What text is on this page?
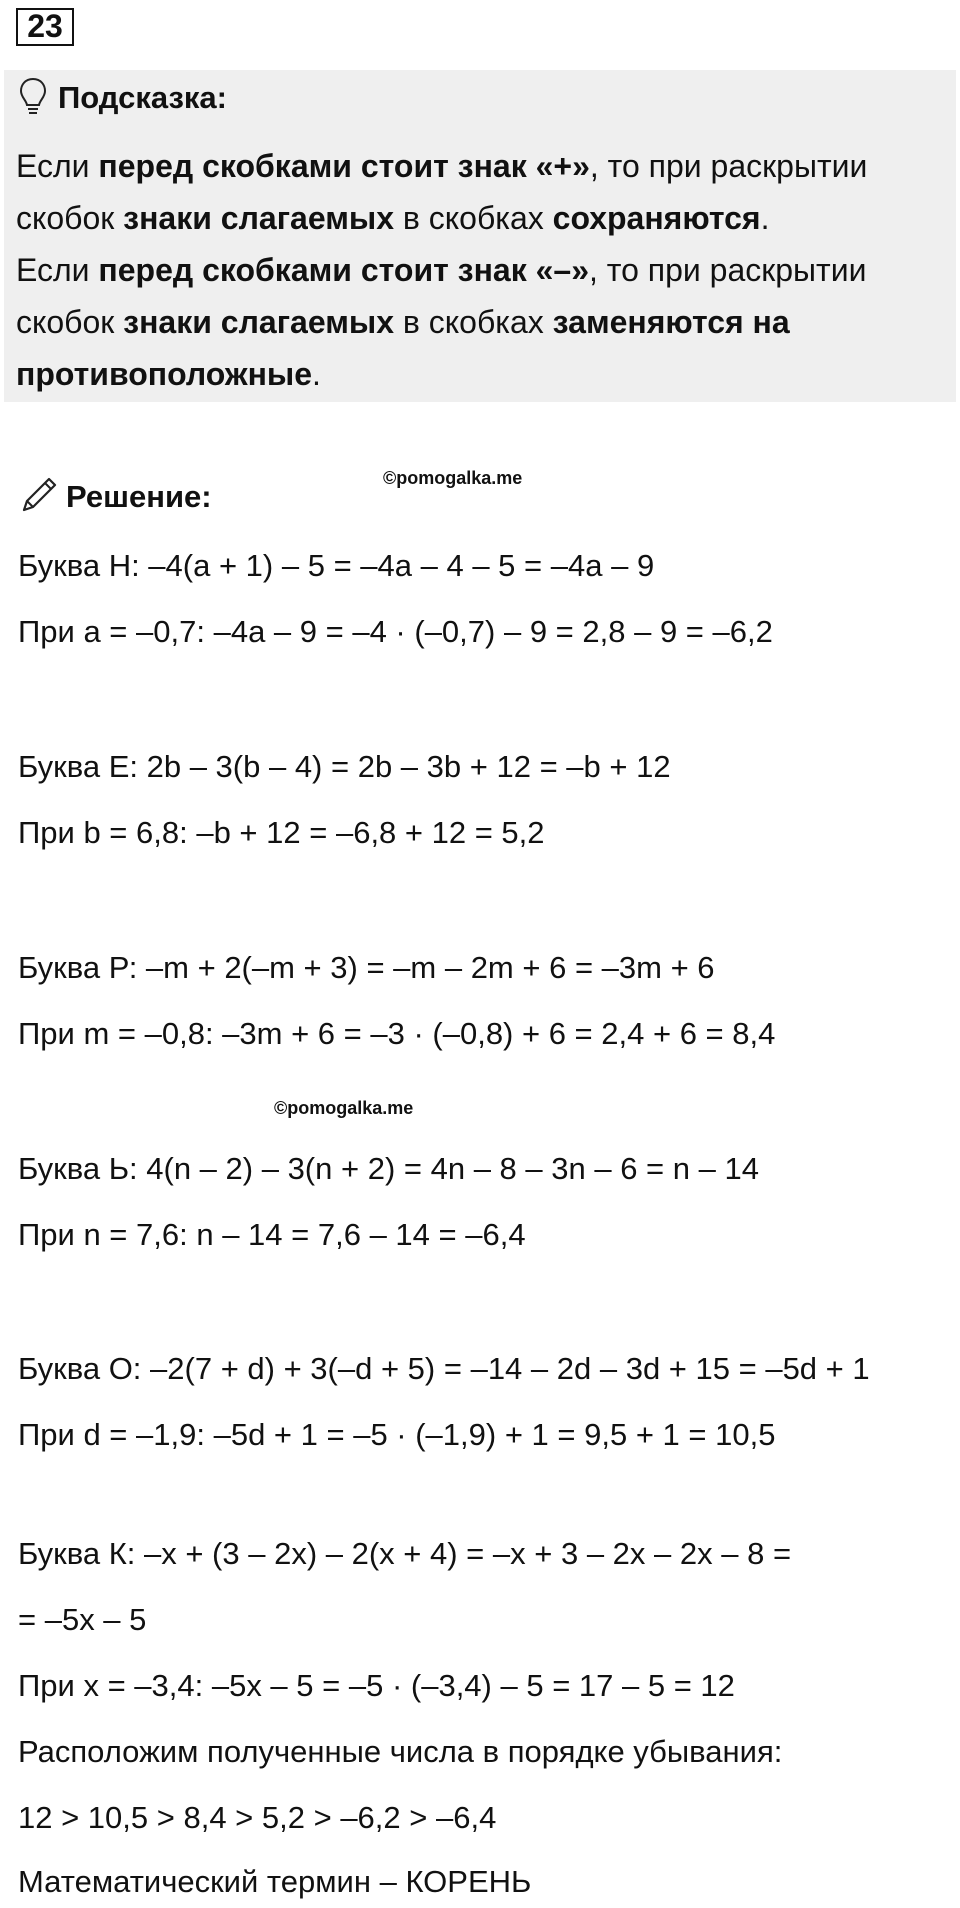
23
Подсказка:
Если перед скобками стоит знак «+», то при раскрытии
скобок знаки слагаемых в скобках сохраняются.
Если перед скобками стоит знак «–», то при раскрытии
скобок знаки слагаемых в скобках заменяются на
противоположные.
Решение:
©pomogalka.me
Буква Н: –4(a + 1) – 5 = –4a – 4 – 5 = –4a – 9
При a = –0,7: –4a – 9 = –4 · (–0,7) – 9 = 2,8 – 9 = –6,2
Буква Е: 2b – 3(b – 4) = 2b – 3b + 12 = –b + 12
При b = 6,8: –b + 12 = –6,8 + 12 = 5,2
Буква Р: –m + 2(–m + 3) = –m – 2m + 6 = –3m + 6
При m = –0,8: –3m + 6 = –3 · (–0,8) + 6 = 2,4 + 6 = 8,4
©pomogalka.me
Буква Ь: 4(n – 2) – 3(n + 2) = 4n – 8 – 3n – 6 = n – 14
При n = 7,6: n – 14 = 7,6 – 14 = –6,4
Буква О: –2(7 + d) + 3(–d + 5) = –14 – 2d – 3d + 15 = –5d + 1
При d = –1,9: –5d + 1 = –5 · (–1,9) + 1 = 9,5 + 1 = 10,5
Буква К: –x + (3 – 2x) – 2(x + 4) = –x + 3 – 2x – 2x – 8 =
= –5x – 5
При x = –3,4: –5x – 5 = –5 · (–3,4) – 5 = 17 – 5 = 12
Расположим полученные числа в порядке убывания:
12 > 10,5 > 8,4 > 5,2 > –6,2 > –6,4
Математический термин – КОРЕНЬ
